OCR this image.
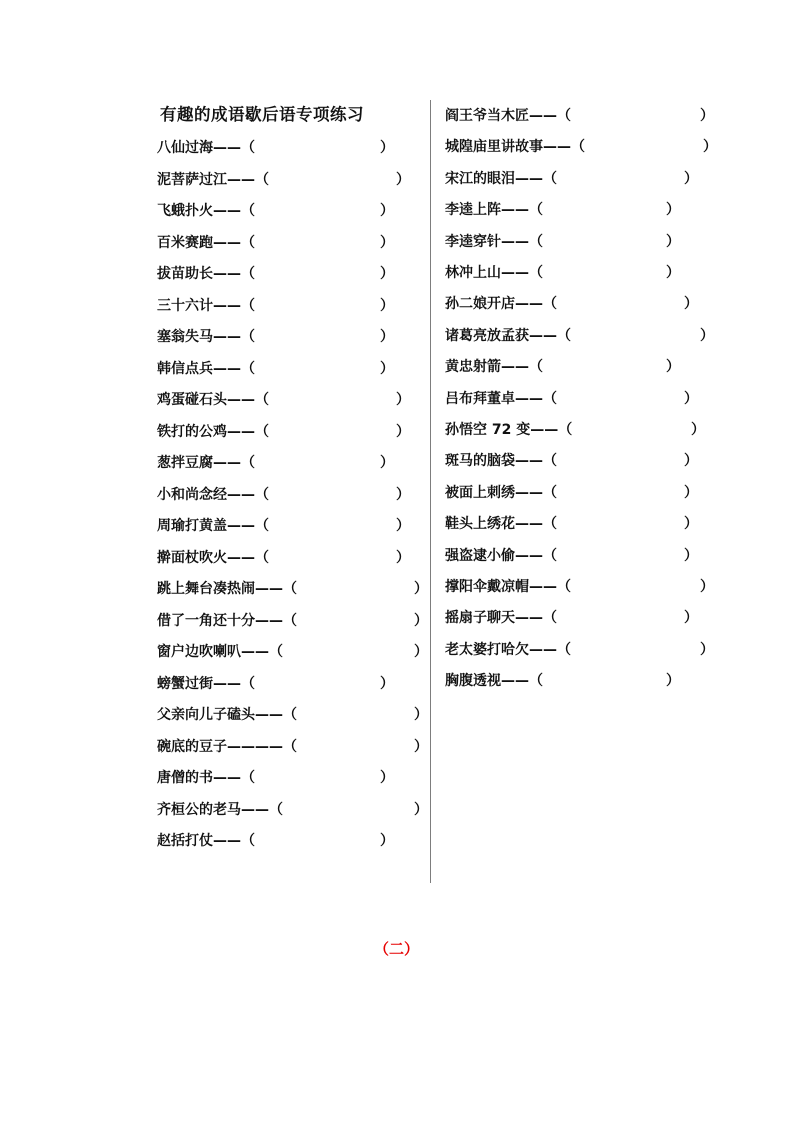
有趣的成语歇后语专项练习
八仙过海——（	）
泥菩萨过江——（	）
飞蛾扑火——（	）
百米赛跑——（	）
拔苗助长——（	）
三十六计——（	）
塞翁失马——（	）
韩信点兵——（	）
鸡蛋碰石头——（	）
铁打的公鸡——（	）
葱拌豆腐——（	）
小和尚念经——（	）
周瑜打黄盖——（	）
擀面杖吹火——（	）
跳上舞台凑热闹——（	）
借了一角还十分——（	）
窗户边吹喇叭——（	）
螃蟹过街——（	）
父亲向儿子磕头——（	）
碗底的豆子————（	）
唐僧的书——（	）
齐桓公的老马——（	）
赵括打仗——（	）
阎王爷当木匠——（	）
城隍庙里讲故事——（	）
宋江的眼泪——（	）
李逵上阵——（	）
李逵穿针——（	）
林冲上山——（	）
孙二娘开店——（	）
诸葛亮放孟获——（	）
黄忠射箭——（	）
吕布拜董卓——（	）
孙悟空 72 变——（	）
斑马的脑袋——（	）
被面上刺绣——（	）
鞋头上绣花——（	）
强盗逮小偷——（	）
撑阳伞戴凉帽——（	）
摇扇子聊天——（	）
老太婆打哈欠——（	）
胸腹透视——（	）
（二）
